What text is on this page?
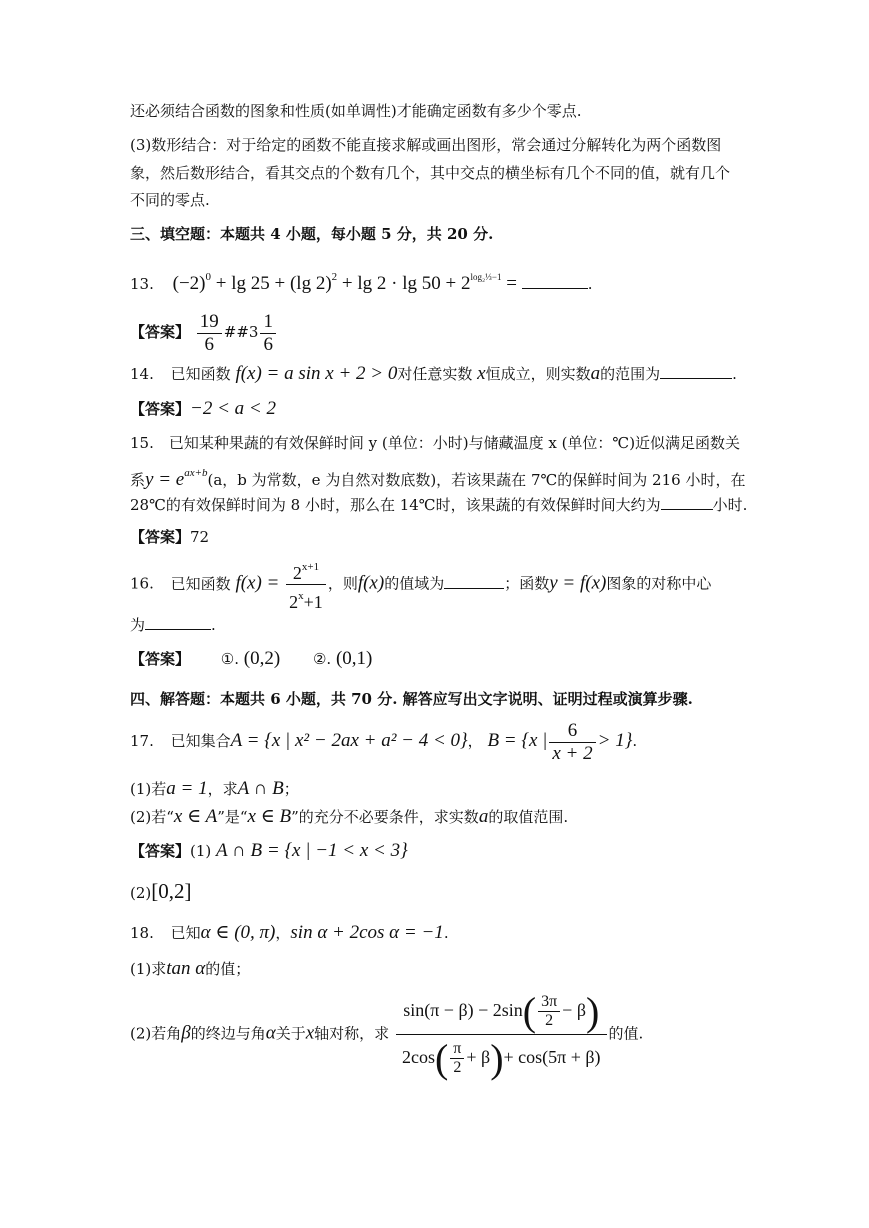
还必须结合函数的图象和性质(如单调性)才能确定函数有多少个零点.
(3)数形结合：对于给定的函数不能直接求解或画出图形，常会通过分解转化为两个函数图
象，然后数形结合，看其交点的个数有几个，其中交点的横坐标有几个不同的值，就有几个
不同的零点.
三、填空题：本题共 4 小题，每小题 5 分，共 20 分.
13. $(-2)^0 + \lg 25 + (\lg$ $2)^2 + \lg 2 \cdot \lg 50 + 2^{log_2\frac{1}{3}-1}$ =	.
【答案】 $\frac{19}{6}$ ##3 $\frac{1}{6}$
14. 已知函数 f(x) = a sin x + 2 > 0对任意实数 x恒成立，则实数a的范围为	.
【答案】−2 < a < 2
15.　已知某种果蔬的有效保鲜时间 y (单位：小时)与储藏温度 x (单位：℃)近似满足函数关
系$y = e^{ax+b}(a$，b 为常数，e 为自然对数底数)，若该果蔬在 7℃的保鲜时间为 216 小时，在
28℃的有效保鲜时间为 8 小时，那么在 14℃时，该果蔬的有效保鲜时间大约为	小时.
【答案】72
16. 已知函数 $f(x) = \frac{2^{x+1}}{2^x+1}$ ，则f(x)的值域为	；函数y = f(x)图象的对称中心
为	.
【答案】 ①. (0,2) ②. (0,1)
四、解答题：本题共 6 小题，共 70 分. 解答应写出文字说明、证明过程或演算步骤.
17. 已知集合A = {x | x² − 2ax + a² − 4 < 0}， B = {x | $\frac{6}{x + 2} > 1$}.
(1)若a = 1，求A ∩ B；
(2)若“x ∈ A”是“x ∈ B”的充分不必要条件，求实数a的取值范围.
【答案】(1) A ∩ B = {x | −1 < x < 3}
(2)[0,2]
18. 已知α ∈ (0, π)，sin α + 2cos α = −1.
(1)求tan α的值；
(2)若角β的终边与角α关于x轴对称，求 $\frac{\sin(\pi - \beta) - 2\sin( \frac{3\pi}{2} - \beta)}{2\cos( \frac{\pi}{2} + \beta)+ \cos(5\pi + \beta)}$ 的值.
